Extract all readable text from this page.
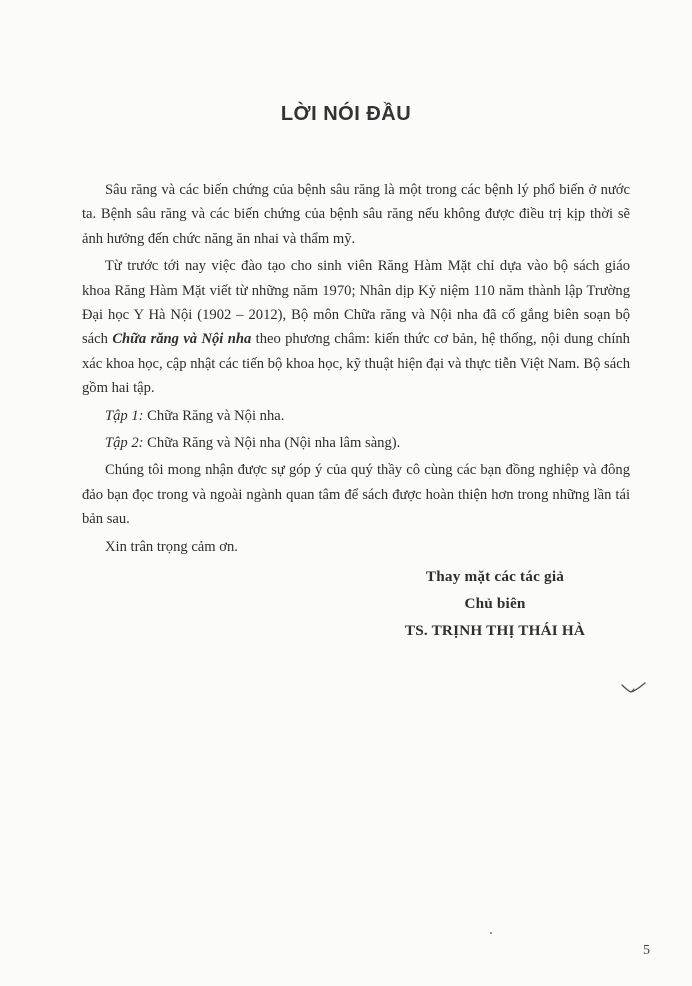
LỜI NÓI ĐẦU

Sâu răng và các biến chứng của bệnh sâu răng là một trong các bệnh lý phổ biến ở nước ta. Bệnh sâu răng và các biến chứng của bệnh sâu răng nếu không được điều trị kịp thời sẽ ảnh hưởng đến chức năng ăn nhai và thẩm mỹ.

Từ trước tới nay việc đào tạo cho sinh viên Răng Hàm Mặt chỉ dựa vào bộ sách giáo khoa Răng Hàm Mặt viết từ những năm 1970; Nhân dịp Kỷ niệm 110 năm thành lập Trường Đại học Y Hà Nội (1902 – 2012), Bộ môn Chữa răng và Nội nha đã cố gắng biên soạn bộ sách Chữa răng và Nội nha theo phương châm: kiến thức cơ bản, hệ thống, nội dung chính xác khoa học, cập nhật các tiến bộ khoa học, kỹ thuật hiện đại và thực tiễn Việt Nam. Bộ sách gồm hai tập.

Tập 1: Chữa Răng và Nội nha.

Tập 2: Chữa Răng và Nội nha (Nội nha lâm sàng).

Chúng tôi mong nhận được sự góp ý của quý thầy cô cùng các bạn đồng nghiệp và đông đảo bạn đọc trong và ngoài ngành quan tâm để sách được hoàn thiện hơn trong những lần tái bản sau.

Xin trân trọng cảm ơn.

Thay mặt các tác giả
Chủ biên
TS. TRỊNH THỊ THÁI HÀ
5
